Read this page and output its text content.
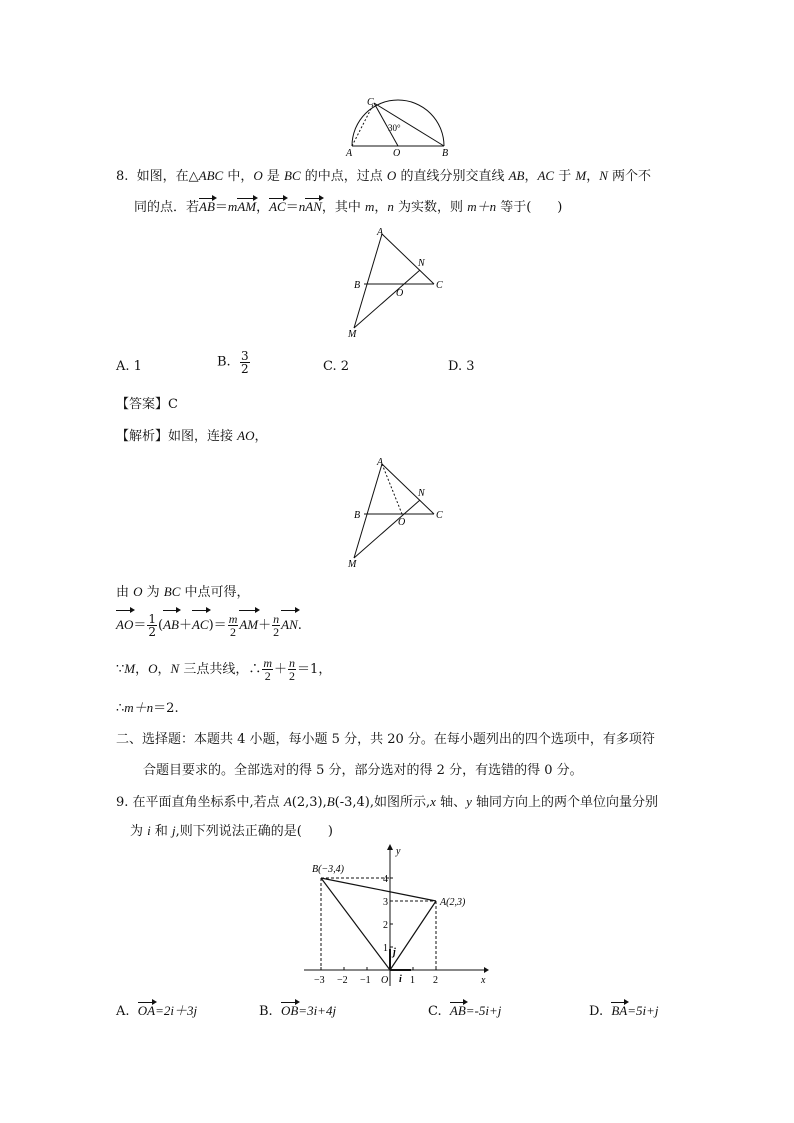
C
30°
A	O	B
8. 如图，在△ABC 中，O 是 BC 的中点，过点 O 的直线分别交直线 AB，AC 于 M，N 两个不
同的点．若AB＝mAM，AC＝nAN，其中 m，n 为实数，则 m＋n 等于(　　)
A
B	C
N
O
M
A. 1	B. $\frac{3}{2}$	C. 2	D. 3
【答案】C
【解析】如图，连接 AO，
A
B	C
N
O
M
由 O 为 BC 中点可得，
$AO= \frac{1}{2} (AB+AC)= \frac{m}{2} AM+ \frac{n}{2}$ AN.
∵M，O，N 三点共线，∴ $\frac{m}{2} + \frac{n}{2} =1$，
∴m＋n＝2.
二、选择题：本题共 4 小题，每小题 5 分，共 20 分。在每小题列出的四个选项中，有多项符
合题目要求的。全部选对的得 5 分，部分选对的得 2 分，有选错的得 0 分。
9. 在平面直角坐标系中,若点 A(2,3),B(-3,4),如图所示,x 轴、y 轴同方向上的两个单位向量分别
为 i 和 j,则下列说法正确的是(　　)
B(−3,4)
A(2,3)
x
y
O
−3 −2 −1	1 2
1
2
3
4
i
j
A. OA=2i＋3j	B. OB=3i+4j	C. AB=-5i+j	D. BA=5i+j
